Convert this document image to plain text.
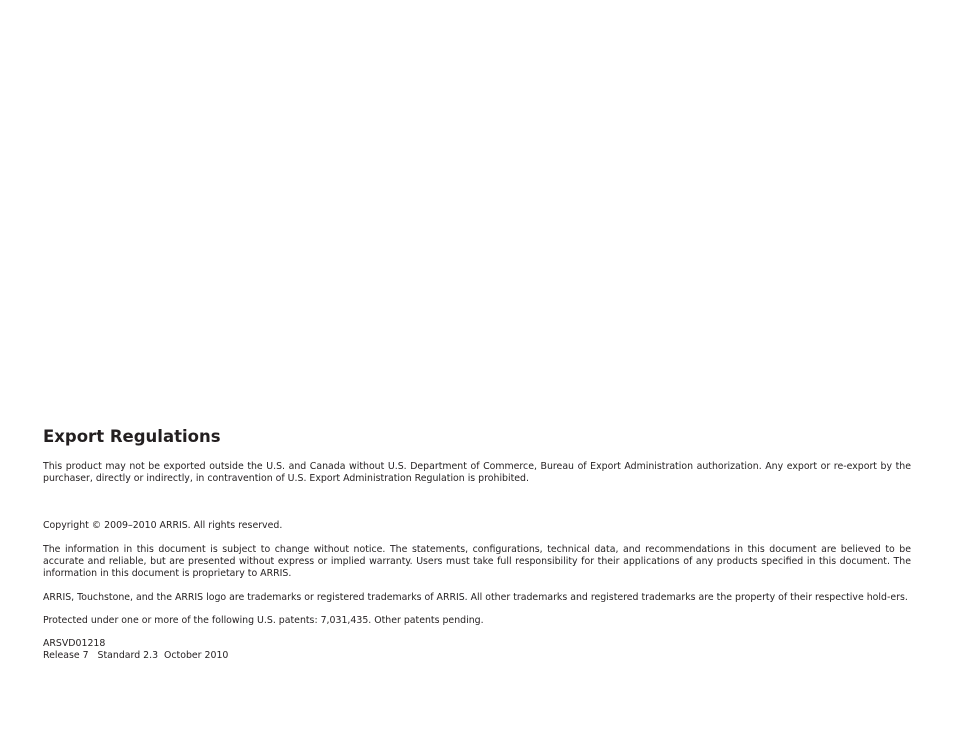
Export Regulations

This product may not be exported outside the U.S. and Canada without U.S. Department of Commerce, Bureau of Export Administration authorization. Any export or re-export by the purchaser, directly or indirectly, in contravention of U.S. Export Administration Regulation is prohibited.

Copyright © 2009–2010 ARRIS. All rights reserved.

The information in this document is subject to change without notice. The statements, configurations, technical data, and recommendations in this document are believed to be accurate and reliable, but are presented without express or implied warranty. Users must take full responsibility for their applications of any products specified in this document. The information in this document is proprietary to ARRIS.

ARRIS, Touchstone, and the ARRIS logo are trademarks or registered trademarks of ARRIS. All other trademarks and registered trademarks are the property of their respective hold-ers.

Protected under one or more of the following U.S. patents: 7,031,435. Other patents pending.

ARSVD01218

Release 7   Standard 2.3  October 2010
